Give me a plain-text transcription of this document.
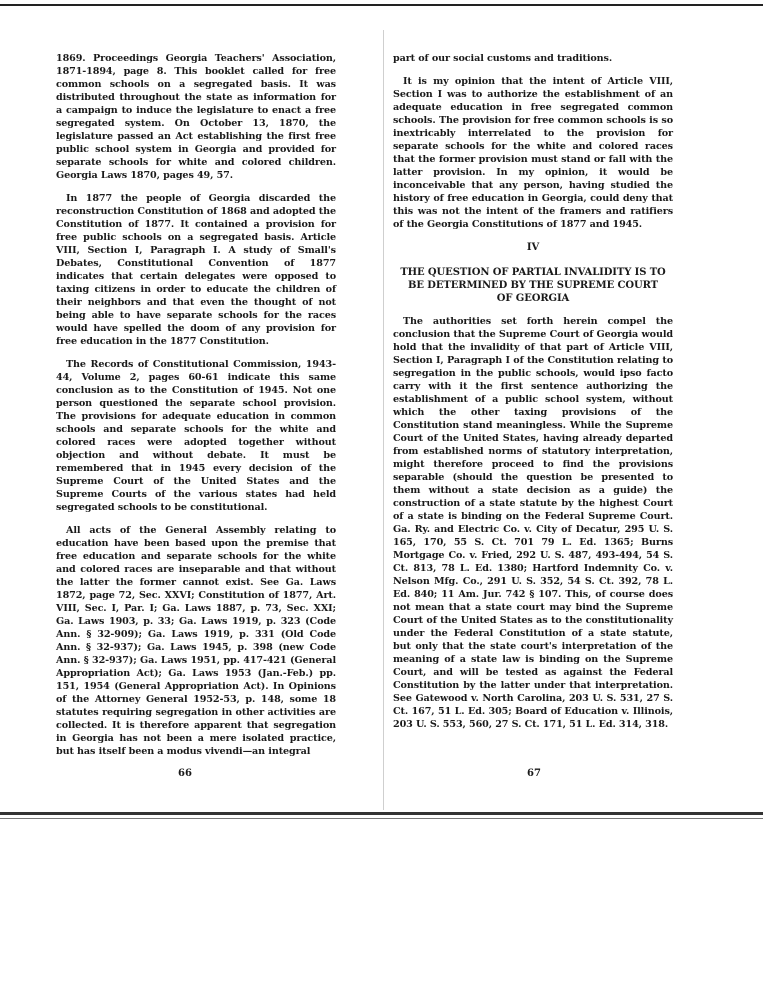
1869. Proceedings Georgia Teachers' Association, 1871-1894, page 8. This booklet called for free common schools on a segregated basis. It was distributed throughout the state as information for a campaign to induce the legislature to enact a free segregated system. On October 13, 1870, the legislature passed an Act establishing the first free public school system in Georgia and provided for separate schools for white and colored children. Georgia Laws 1870, pages 49, 57.

In 1877 the people of Georgia discarded the reconstruction Constitution of 1868 and adopted the Constitution of 1877. It contained a provision for free public schools on a segregated basis. Article VIII, Section I, Paragraph I. A study of Small's Debates, Constitutional Convention of 1877 indicates that certain delegates were opposed to taxing citizens in order to educate the children of their neighbors and that even the thought of not being able to have separate schools for the races would have spelled the doom of any provision for free education in the 1877 Constitution.

The Records of Constitutional Commission, 1943-44, Volume 2, pages 60-61 indicate this same conclusion as to the Constitution of 1945. Not one person questioned the separate school provision. The provisions for adequate education in common schools and separate schools for the white and colored races were adopted together without objection and without debate. It must be remembered that in 1945 every decision of the Supreme Court of the United States and the Supreme Courts of the various states had held segregated schools to be constitutional.

All acts of the General Assembly relating to education have been based upon the premise that free education and separate schools for the white and colored races are inseparable and that without the latter the former cannot exist. See Ga. Laws 1872, page 72, Sec. XXVI; Constitution of 1877, Art. VIII, Sec. I, Par. I; Ga. Laws 1887, p. 73, Sec. XXI; Ga. Laws 1903, p. 33; Ga. Laws 1919, p. 323 (Code Ann. § 32-909); Ga. Laws 1919, p. 331 (Old Code Ann. § 32-937); Ga. Laws 1945, p. 398 (new Code Ann. § 32-937); Ga. Laws 1951, pp. 417-421 (General Appropriation Act); Ga. Laws 1953 (Jan.-Feb.) pp. 151, 1954 (General Appropriation Act). In Opinions of the Attorney General 1952-53, p. 148, some 18 statutes requiring segregation in other activities are collected. It is therefore apparent that segregation in Georgia has not been a mere isolated practice, but has itself been a modus vivendi—an integral

part of our social customs and traditions.

It is my opinion that the intent of Article VIII, Section I was to authorize the establishment of an adequate education in free segregated common schools. The provision for free common schools is so inextricably interrelated to the provision for separate schools for the white and colored races that the former provision must stand or fall with the latter provision. In my opinion, it would be inconceivable that any person, having studied the history of free education in Georgia, could deny that this was not the intent of the framers and ratifiers of the Georgia Constitutions of 1877 and 1945.

IV
THE QUESTION OF PARTIAL INVALIDITY IS TO BE DETERMINED BY THE SUPREME COURT OF GEORGIA

The authorities set forth herein compel the conclusion that the Supreme Court of Georgia would hold that the invalidity of that part of Article VIII, Section I, Paragraph I of the Constitution relating to segregation in the public schools, would ipso facto carry with it the first sentence authorizing the establishment of a public school system, without which the other taxing provisions of the Constitution stand meaningless. While the Supreme Court of the United States, having already departed from established norms of statutory interpretation, might therefore proceed to find the provisions separable (should the question be presented to them without a state decision as a guide) the construction of a state statute by the highest Court of a state is binding on the Federal Supreme Court. Ga. Ry. and Electric Co. v. City of Decatur, 295 U. S. 165, 170, 55 S. Ct. 701 79 L. Ed. 1365; Burns Mortgage Co. v. Fried, 292 U. S. 487, 493-494, 54 S. Ct. 813, 78 L. Ed. 1380; Hartford Indemnity Co. v. Nelson Mfg. Co., 291 U. S. 352, 54 S. Ct. 392, 78 L. Ed. 840; 11 Am. Jur. 742 § 107. This, of course does not mean that a state court may bind the Supreme Court of the United States as to the constitutionality under the Federal Constitution of a state statute, but only that the state court's interpretation of the meaning of a state law is binding on the Supreme Court, and will be tested as against the Federal Constitution by the latter under that interpretation. See Gatewood v. North Carolina, 203 U. S. 531, 27 S. Ct. 167, 51 L. Ed. 305; Board of Education v. Illinois, 203 U. S. 553, 560, 27 S. Ct. 171, 51 L. Ed. 314, 318.

66	67
